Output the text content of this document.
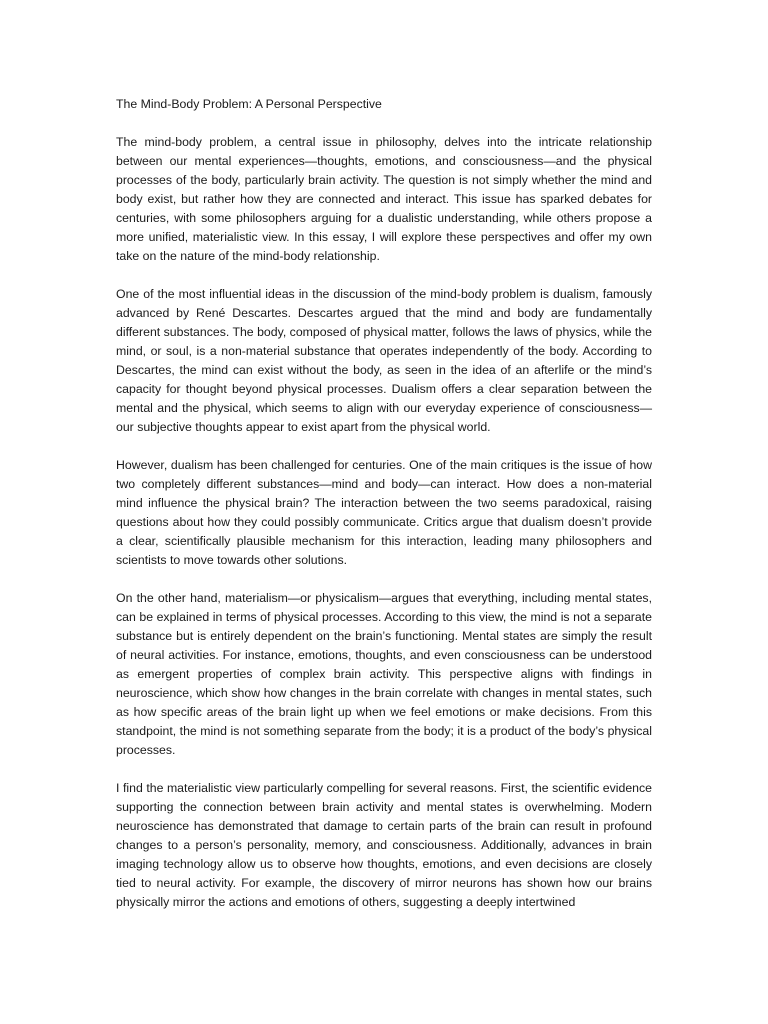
The Mind-Body Problem: A Personal Perspective

The mind-body problem, a central issue in philosophy, delves into the intricate relationship between our mental experiences—thoughts, emotions, and consciousness—and the physical processes of the body, particularly brain activity. The question is not simply whether the mind and body exist, but rather how they are connected and interact. This issue has sparked debates for centuries, with some philosophers arguing for a dualistic understanding, while others propose a more unified, materialistic view. In this essay, I will explore these perspectives and offer my own take on the nature of the mind-body relationship.

One of the most influential ideas in the discussion of the mind-body problem is dualism, famously advanced by René Descartes. Descartes argued that the mind and body are fundamentally different substances. The body, composed of physical matter, follows the laws of physics, while the mind, or soul, is a non-material substance that operates independently of the body. According to Descartes, the mind can exist without the body, as seen in the idea of an afterlife or the mind’s capacity for thought beyond physical processes. Dualism offers a clear separation between the mental and the physical, which seems to align with our everyday experience of consciousness—our subjective thoughts appear to exist apart from the physical world.

However, dualism has been challenged for centuries. One of the main critiques is the issue of how two completely different substances—mind and body—can interact. How does a non-material mind influence the physical brain? The interaction between the two seems paradoxical, raising questions about how they could possibly communicate. Critics argue that dualism doesn’t provide a clear, scientifically plausible mechanism for this interaction, leading many philosophers and scientists to move towards other solutions.

On the other hand, materialism—or physicalism—argues that everything, including mental states, can be explained in terms of physical processes. According to this view, the mind is not a separate substance but is entirely dependent on the brain’s functioning. Mental states are simply the result of neural activities. For instance, emotions, thoughts, and even consciousness can be understood as emergent properties of complex brain activity. This perspective aligns with findings in neuroscience, which show how changes in the brain correlate with changes in mental states, such as how specific areas of the brain light up when we feel emotions or make decisions. From this standpoint, the mind is not something separate from the body; it is a product of the body’s physical processes.

I find the materialistic view particularly compelling for several reasons. First, the scientific evidence supporting the connection between brain activity and mental states is overwhelming. Modern neuroscience has demonstrated that damage to certain parts of the brain can result in profound changes to a person’s personality, memory, and consciousness. Additionally, advances in brain imaging technology allow us to observe how thoughts, emotions, and even decisions are closely tied to neural activity. For example, the discovery of mirror neurons has shown how our brains physically mirror the actions and emotions of others, suggesting a deeply intertwined
